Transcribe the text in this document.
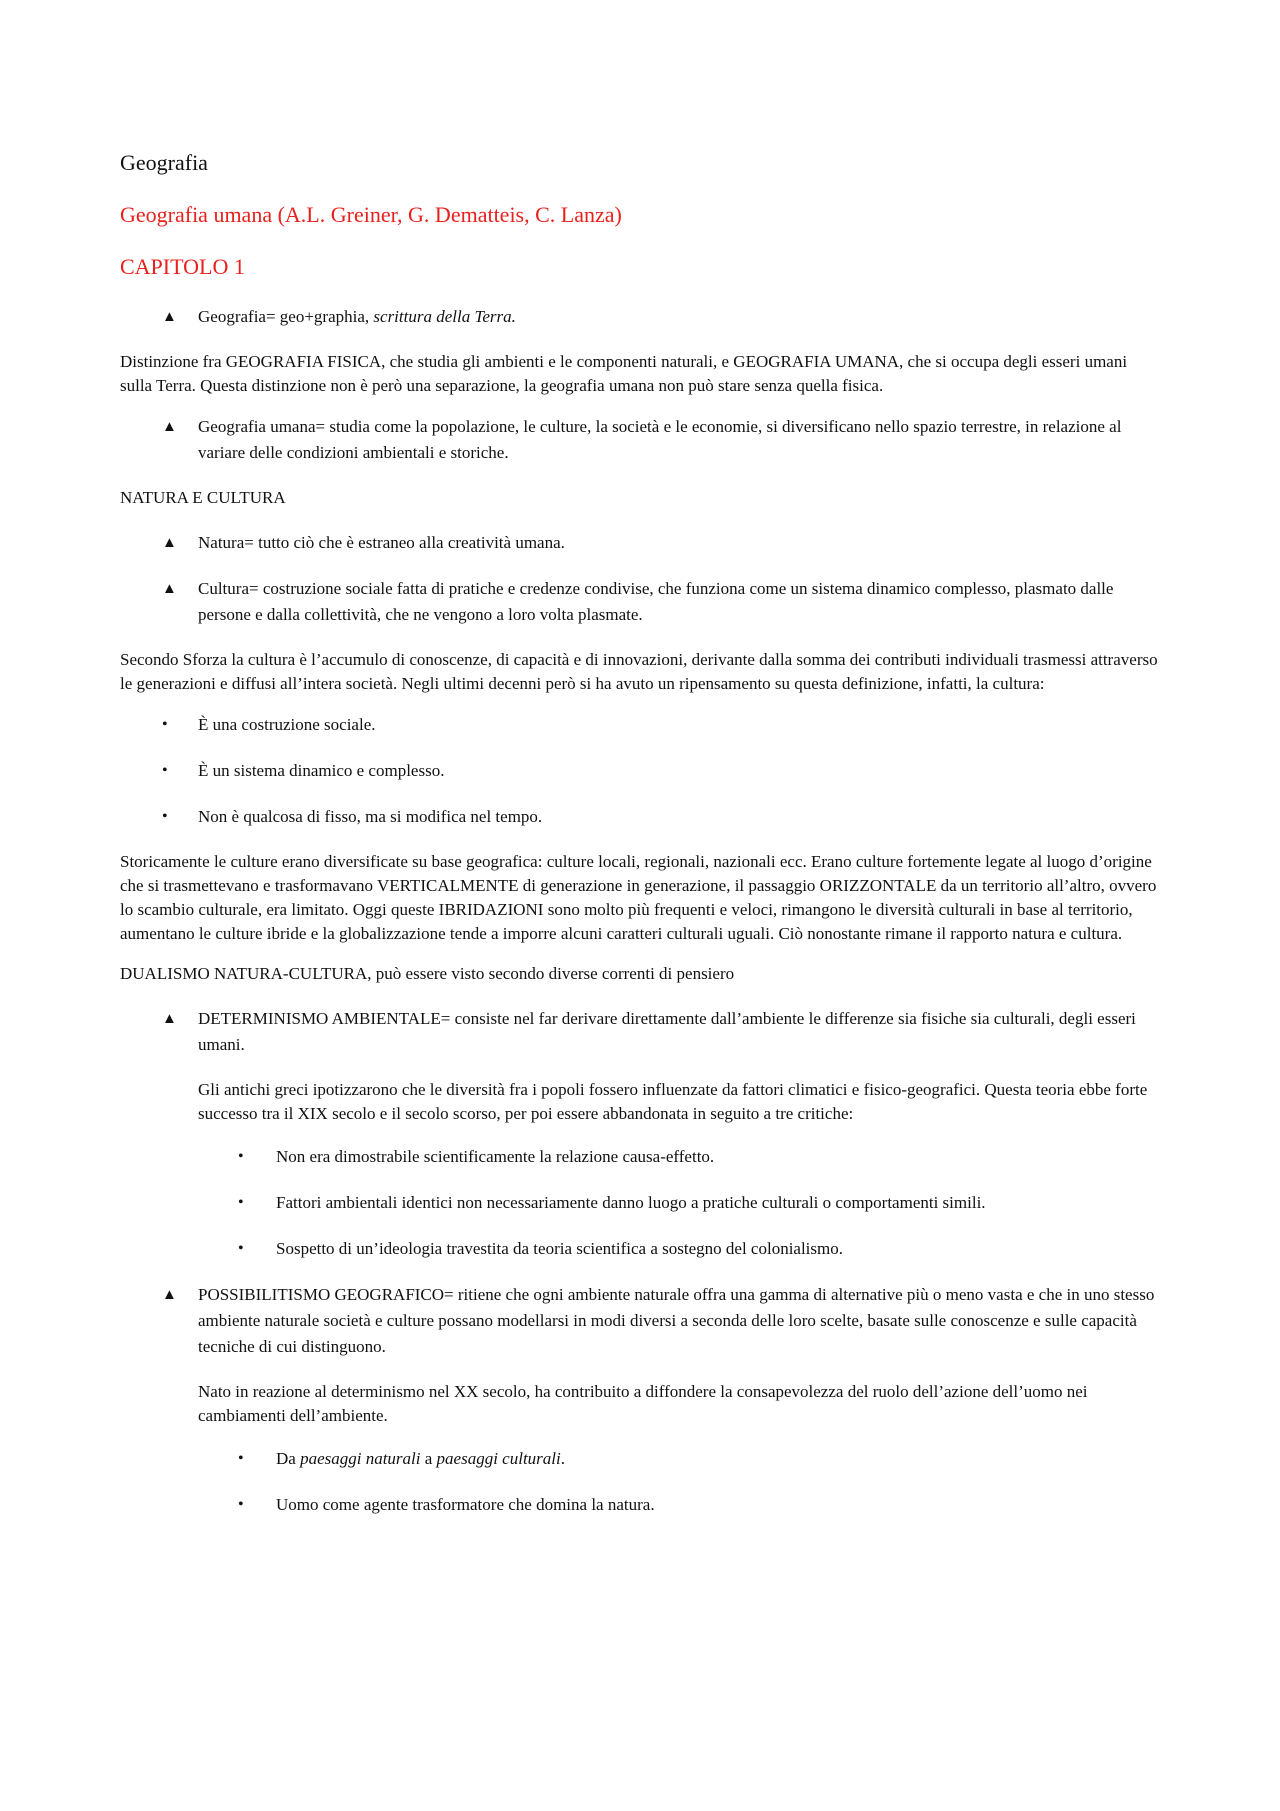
Geografia
Geografia umana (A.L. Greiner, G. Dematteis, C. Lanza)
CAPITOLO 1
▲ Geografia= geo+graphia, scrittura della Terra.

Distinzione fra GEOGRAFIA FISICA, che studia gli ambienti e le componenti naturali, e GEOGRAFIA UMANA, che si occupa degli esseri umani sulla Terra. Questa distinzione non è però una separazione, la geografia umana non può stare senza quella fisica.

▲ Geografia umana= studia come la popolazione, le culture, la società e le economie, si diversificano nello spazio terrestre, in relazione al variare delle condizioni ambientali e storiche.
NATURA E CULTURA
▲ Natura= tutto ciò che è estraneo alla creatività umana.
▲ Cultura= costruzione sociale fatta di pratiche e credenze condivise, che funziona come un sistema dinamico complesso, plasmato dalle persone e dalla collettività, che ne vengono a loro volta plasmate.

Secondo Sforza la cultura è l’accumulo di conoscenze, di capacità e di innovazioni, derivante dalla somma dei contributi individuali trasmessi attraverso le generazioni e diffusi all’intera società. Negli ultimi decenni però si ha avuto un ripensamento su questa definizione, infatti, la cultura:

• È una costruzione sociale.
• È un sistema dinamico e complesso.
• Non è qualcosa di fisso, ma si modifica nel tempo.

Storicamente le culture erano diversificate su base geografica: culture locali, regionali, nazionali ecc. Erano culture fortemente legate al luogo d’origine che si trasmettevano e trasformavano VERTICALMENTE di generazione in generazione, il passaggio ORIZZONTALE da un territorio all’altro, ovvero lo scambio culturale, era limitato. Oggi queste IBRIDAZIONI sono molto più frequenti e veloci, rimangono le diversità culturali in base al territorio, aumentano le culture ibride e la globalizzazione tende a imporre alcuni caratteri culturali uguali. Ciò nonostante rimane il rapporto natura e cultura.

DUALISMO NATURA-CULTURA, può essere visto secondo diverse correnti di pensiero
▲ DETERMINISMO AMBIENTALE= consiste nel far derivare direttamente dall’ambiente le differenze sia fisiche sia culturali, degli esseri umani.
Gli antichi greci ipotizzarono che le diversità fra i popoli fossero influenzate da fattori climatici e fisico-geografici. Questa teoria ebbe forte successo tra il XIX secolo e il secolo scorso, per poi essere abbandonata in seguito a tre critiche:
• Non era dimostrabile scientificamente la relazione causa-effetto.
• Fattori ambientali identici non necessariamente danno luogo a pratiche culturali o comportamenti simili.
• Sospetto di un’ideologia travestita da teoria scientifica a sostegno del colonialismo.
▲ POSSIBILITISMO GEOGRAFICO= ritiene che ogni ambiente naturale offra una gamma di alternative più o meno vasta e che in uno stesso ambiente naturale società e culture possano modellarsi in modi diversi a seconda delle loro scelte, basate sulle conoscenze e sulle capacità tecniche di cui distinguono.
Nato in reazione al determinismo nel XX secolo, ha contribuito a diffondere la consapevolezza del ruolo dell’azione dell’uomo nei cambiamenti dell’ambiente.
• Da paesaggi naturali a paesaggi culturali.
• Uomo come agente trasformatore che domina la natura.
